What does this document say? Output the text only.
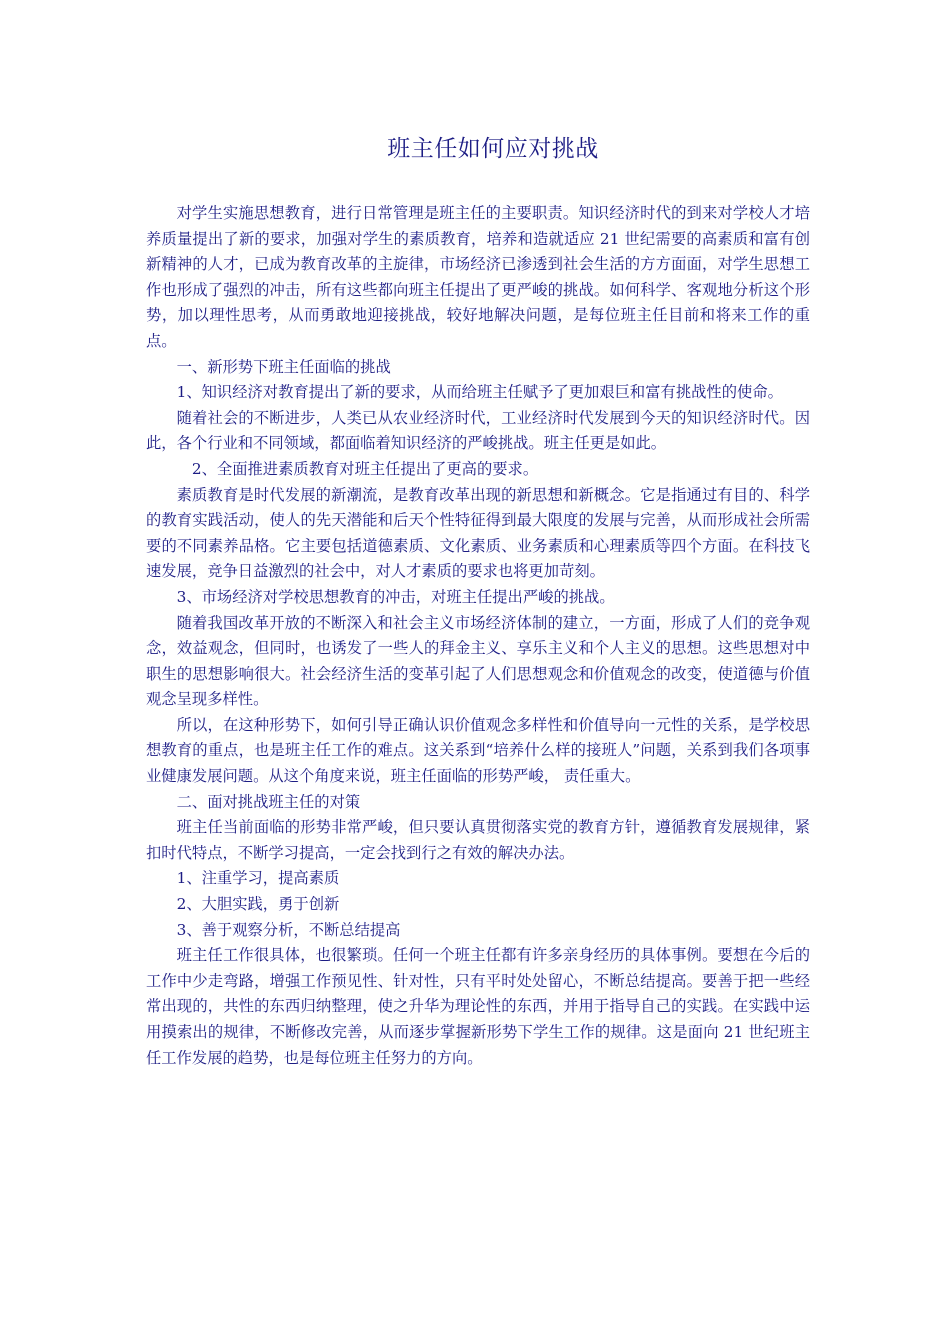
班主任如何应对挑战

对学生实施思想教育，进行日常管理是班主任的主要职责。知识经济时代的到来对学校人才培养质量提出了新的要求，加强对学生的素质教育，培养和造就适应 21 世纪需要的高素质和富有创新精神的人才，已成为教育改革的主旋律，市场经济已渗透到社会生活的方方面面，对学生思想工作也形成了强烈的冲击，所有这些都向班主任提出了更严峻的挑战。如何科学、客观地分析这个形势，加以理性思考，从而勇敢地迎接挑战，较好地解决问题，是每位班主任目前和将来工作的重点。

一、新形势下班主任面临的挑战

1、知识经济对教育提出了新的要求，从而给班主任赋予了更加艰巨和富有挑战性的使命。

随着社会的不断进步，人类已从农业经济时代，工业经济时代发展到今天的知识经济时代。因此，各个行业和不同领域，都面临着知识经济的严峻挑战。班主任更是如此。

2、全面推进素质教育对班主任提出了更高的要求。

素质教育是时代发展的新潮流，是教育改革出现的新思想和新概念。它是指通过有目的、科学的教育实践活动，使人的先天潜能和后天个性特征得到最大限度的发展与完善，从而形成社会所需要的不同素养品格。它主要包括道德素质、文化素质、业务素质和心理素质等四个方面。在科技飞速发展，竞争日益激烈的社会中，对人才素质的要求也将更加苛刻。

3、市场经济对学校思想教育的冲击，对班主任提出严峻的挑战。

随着我国改革开放的不断深入和社会主义市场经济体制的建立，一方面，形成了人们的竞争观念，效益观念，但同时，也诱发了一些人的拜金主义、享乐主义和个人主义的思想。这些思想对中职生的思想影响很大。社会经济生活的变革引起了人们思想观念和价值观念的改变，使道德与价值观念呈现多样性。

所以，在这种形势下，如何引导正确认识价值观念多样性和价值导向一元性的关系，是学校思想教育的重点，也是班主任工作的难点。这关系到“培养什么样的接班人”问题，关系到我们各项事业健康发展问题。从这个角度来说，班主任面临的形势严峻， 责任重大。

二、面对挑战班主任的对策

班主任当前面临的形势非常严峻，但只要认真贯彻落实党的教育方针，遵循教育发展规律，紧扣时代特点，不断学习提高，一定会找到行之有效的解决办法。

1、注重学习，提高素质

2、大胆实践，勇于创新

3、善于观察分析，不断总结提高

班主任工作很具体，也很繁琐。任何一个班主任都有许多亲身经历的具体事例。要想在今后的工作中少走弯路，增强工作预见性、针对性，只有平时处处留心，不断总结提高。要善于把一些经常出现的，共性的东西归纳整理，使之升华为理论性的东西，并用于指导自己的实践。在实践中运用摸索出的规律，不断修改完善，从而逐步掌握新形势下学生工作的规律。这是面向 21 世纪班主任工作发展的趋势，也是每位班主任努力的方向。
